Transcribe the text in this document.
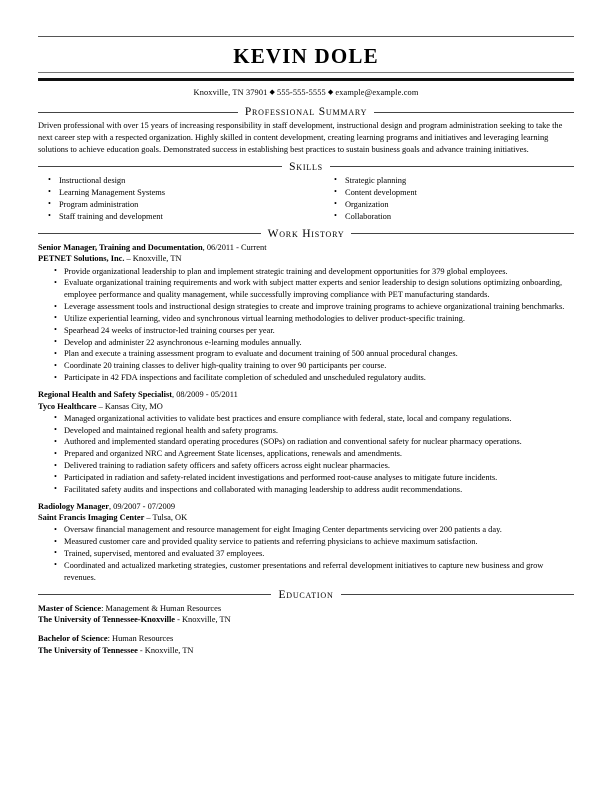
KEVIN DOLE
Knoxville, TN 37901 ◆ 555-555-5555 ◆ example@example.com
Professional Summary
Driven professional with over 15 years of increasing responsibility in staff development, instructional design and program administration seeking to take the next career step with a respected organization. Highly skilled in content development, creating learning programs and initiatives and leveraging learning solutions to achieve education goals. Demonstrated success in establishing best practices to sustain business goals and advance training initiatives.
Skills
• Instructional design
• Learning Management Systems
• Program administration
• Staff training and development
• Strategic planning
• Content development
• Organization
• Collaboration
Work History
Senior Manager, Training and Documentation, 06/2011 - Current
PETNET Solutions, Inc. – Knoxville, TN
• Provide organizational leadership to plan and implement strategic training and development opportunities for 379 global employees.
• Evaluate organizational training requirements and work with subject matter experts and senior leadership to design solutions optimizing onboarding, employee performance and quality management, while successfully improving compliance with PET manufacturing standards.
• Leverage assessment tools and instructional design strategies to create and improve training programs to achieve organizational training benchmarks.
• Utilize experiential learning, video and synchronous virtual learning methodologies to deliver product-specific training.
• Spearhead 24 weeks of instructor-led training courses per year.
• Develop and administer 22 asynchronous e-learning modules annually.
• Plan and execute a training assessment program to evaluate and document training of 500 annual procedural changes.
• Coordinate 20 training classes to deliver high-quality training to over 90 participants per course.
• Participate in 42 FDA inspections and facilitate completion of scheduled and unscheduled regulatory audits.
Regional Health and Safety Specialist, 08/2009 - 05/2011
Tyco Healthcare – Kansas City, MO
• Managed organizational activities to validate best practices and ensure compliance with federal, state, local and company regulations.
• Developed and maintained regional health and safety programs.
• Authored and implemented standard operating procedures (SOPs) on radiation and conventional safety for nuclear pharmacy operations.
• Prepared and organized NRC and Agreement State licenses, applications, renewals and amendments.
• Delivered training to radiation safety officers and safety officers across eight nuclear pharmacies.
• Participated in radiation and safety-related incident investigations and performed root-cause analyses to mitigate future incidents.
• Facilitated safety audits and inspections and collaborated with managing leadership to address audit recommendations.
Radiology Manager, 09/2007 - 07/2009
Saint Francis Imaging Center – Tulsa, OK
• Oversaw financial management and resource management for eight Imaging Center departments servicing over 200 patients a day.
• Measured customer care and provided quality service to patients and referring physicians to achieve maximum satisfaction.
• Trained, supervised, mentored and evaluated 37 employees.
• Coordinated and actualized marketing strategies, customer presentations and referral development initiatives to capture new business and grow revenues.
Education
Master of Science: Management & Human Resources
The University of Tennessee-Knoxville - Knoxville, TN
Bachelor of Science: Human Resources
The University of Tennessee - Knoxville, TN
